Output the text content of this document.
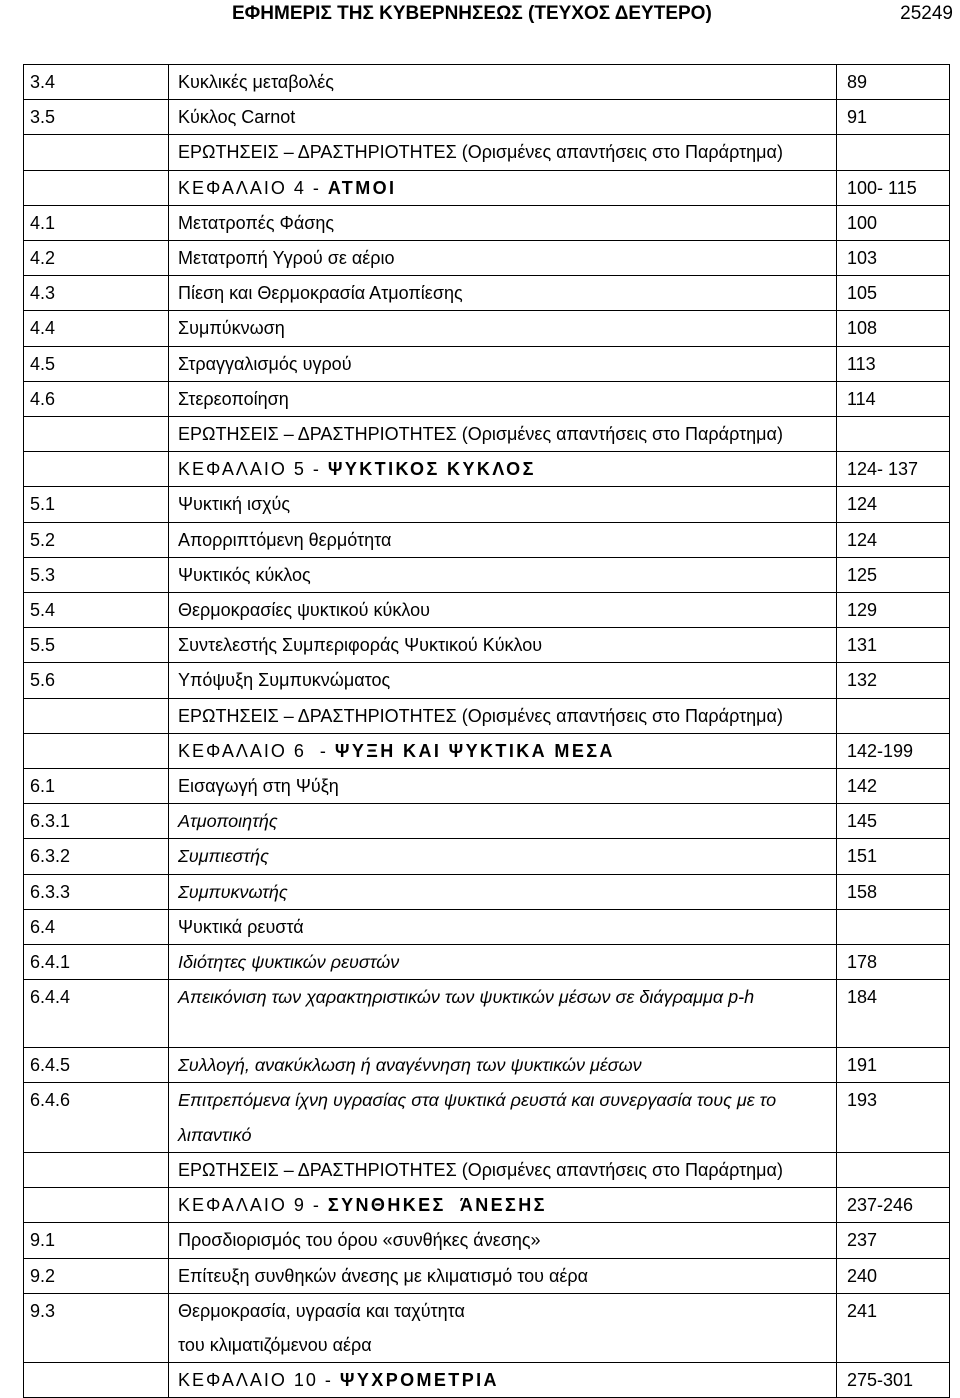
ΕΦΗΜΕΡΙΣ ΤΗΣ ΚΥΒΕΡΝΗΣΕΩΣ (ΤΕΥΧΟΣ ΔΕΥΤΕΡΟ)	25249
3.4	Κυκλικές μεταβολές	89
3.5	Κύκλος Carnot	91
	ΕΡΩΤΗΣΕΙΣ – ΔΡΑΣΤΗΡΙΟΤΗΤΕΣ (Ορισμένες απαντήσεις στο Παράρτημα)	
	ΚΕΦΑΛΑΙΟ 4 - ΑΤΜΟΙ	100- 115
4.1	Μετατροπές Φάσης	100
4.2	Μετατροπή Υγρού σε αέριο	103
4.3	Πίεση και Θερμοκρασία Ατμοπίεσης	105
4.4	Συμπύκνωση	108
4.5	Στραγγαλισμός υγρού	113
4.6	Στερεοποίηση	114
	ΕΡΩΤΗΣΕΙΣ – ΔΡΑΣΤΗΡΙΟΤΗΤΕΣ (Ορισμένες απαντήσεις στο Παράρτημα)	
	ΚΕΦΑΛΑΙΟ 5 - ΨΥΚΤΙΚΟΣ ΚΥΚΛΟΣ	124- 137
5.1	Ψυκτική ισχύς	124
5.2	Απορριπτόμενη θερμότητα	124
5.3	Ψυκτικός κύκλος	125
5.4	Θερμοκρασίες ψυκτικού κύκλου	129
5.5	Συντελεστής Συμπεριφοράς Ψυκτικού Κύκλου	131
5.6	Υπόψυξη Συμπυκνώματος	132
	ΕΡΩΤΗΣΕΙΣ – ΔΡΑΣΤΗΡΙΟΤΗΤΕΣ (Ορισμένες απαντήσεις στο Παράρτημα)	
	ΚΕΦΑΛΑΙΟ 6  - ΨΥΞΗ ΚΑΙ ΨΥΚΤΙΚΑ ΜΕΣΑ	142-199
6.1	Εισαγωγή στη Ψύξη	142
6.3.1	Ατμοποιητής	145
6.3.2	Συμπιεστής	151
6.3.3	Συμπυκνωτής	158
6.4	Ψυκτικά ρευστά	
6.4.1	Ιδιότητες ψυκτικών ρευστών	178
6.4.4	Απεικόνιση των χαρακτηριστικών των ψυκτικών μέσων σε διάγραμμα p-h	184
6.4.5	Συλλογή, ανακύκλωση ή αναγέννηση των ψυκτικών μέσων	191
6.4.6	Επιτρεπόμενα ίχνη υγρασίας στα ψυκτικά ρευστά και συνεργασία τους με το λιπαντικό	193
	ΕΡΩΤΗΣΕΙΣ – ΔΡΑΣΤΗΡΙΟΤΗΤΕΣ (Ορισμένες απαντήσεις στο Παράρτημα)	
	ΚΕΦΑΛΑΙΟ 9 - ΣΥΝΘΗΚΕΣ  ΆΝΕΣΗΣ	237-246
9.1	Προσδιορισμός του όρου «συνθήκες άνεσης»	237
9.2	Επίτευξη συνθηκών άνεσης με κλιματισμό του αέρα	240
9.3	Θερμοκρασία, υγρασία και ταχύτητα
του κλιματιζόμενου αέρα	241
	ΚΕΦΑΛΑΙΟ 10 - ΨΥΧΡΟΜΕΤΡΙΑ	275-301
